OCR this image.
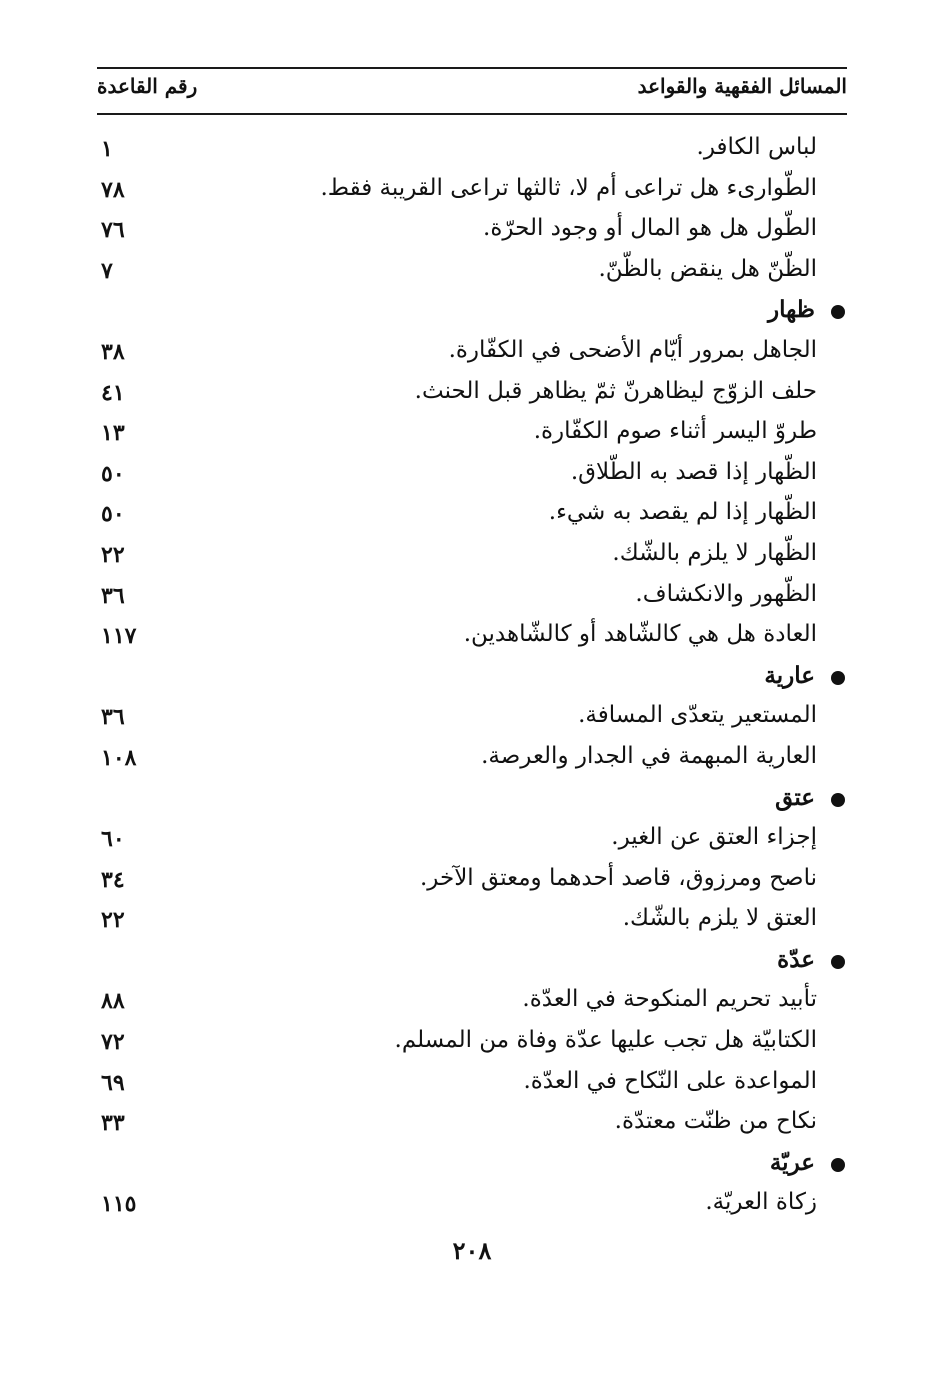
المسائل الفقهية والقواعد
رقم القاعدة
لباس الكافر.
١
الطّوارىء هل تراعى أم لا، ثالثها تراعى القريبة فقط.
٧٨
الطّول هل هو المال أو وجود الحرّة.
٧٦
الظّنّ هل ينقض بالظّنّ.
٧
ظهار
الجاهل بمرور أيّام الأضحى في الكفّارة.
٣٨
حلف الزوّج ليظاهرنّ ثمّ يظاهر قبل الحنث.
٤١
طروّ اليسر أثناء صوم الكفّارة.
١٣
الظّهار إذا قصد به الطّلاق.
٥٠
الظّهار إذا لم يقصد به شيء.
٥٠
الظّهار لا يلزم بالشّك.
٢٢
الظّهور والانكشاف.
٣٦
العادة هل هي كالشّاهد أو كالشّاهدين.
١١٧
عارية
المستعير يتعدّى المسافة.
٣٦
العارية المبهمة في الجدار والعرصة.
١٠٨
عتق
إجزاء العتق عن الغير.
٦٠
ناصح ومرزوق، قاصد أحدهما ومعتق الآخر.
٣٤
العتق لا يلزم بالشّك.
٢٢
عدّة
تأبيد تحريم المنكوحة في العدّة.
٨٨
الكتابيّة هل تجب عليها عدّة وفاة من المسلم.
٧٢
المواعدة على النّكاح في العدّة.
٦٩
نكاح من ظنّت معتدّة.
٣٣
عريّة
زكاة العريّة.
١١٥
٢٠٨
